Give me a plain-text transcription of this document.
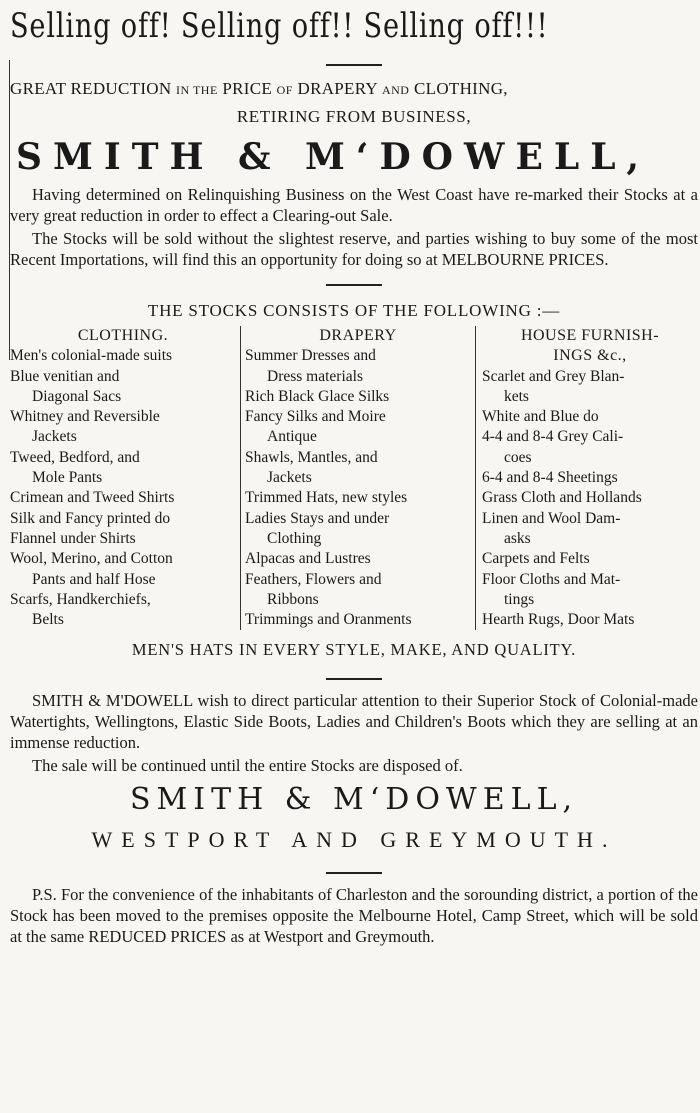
Selling off! Selling off!! Selling off!!!
GREAT REDUCTION IN THE PRICE OF DRAPERY AND CLOTHING,
RETIRING FROM BUSINESS,
SMITH & M‘DOWELL,

Having determined on Relinquishing Business on the West Coast have re-marked their Stocks at a very great reduction in order to effect a Clearing-out Sale.

The Stocks will be sold without the slightest reserve, and parties wishing to buy some of the most Recent Importations, will find this an opportunity for doing so at MELBOURNE PRICES.

THE STOCKS CONSISTS OF THE FOLLOWING :—
CLOTHING.
Men's colonial-made suits
Blue venitian and
Diagonal Sacs
Whitney and Reversible
Jackets
Tweed, Bedford, and
Mole Pants
Crimean and Tweed Shirts
Silk and Fancy printed do
Flannel under Shirts
Wool, Merino, and Cotton
Pants and half Hose
Scarfs, Handkerchiefs,
Belts
DRAPERY
Summer Dresses and
Dress materials
Rich Black Glace Silks
Fancy Silks and Moire
Antique
Shawls, Mantles, and
Jackets
Trimmed Hats, new styles
Ladies Stays and under
Clothing
Alpacas and Lustres
Feathers, Flowers and
Ribbons
Trimmings and Oranments
HOUSE FURNISH-
INGS &c.,
Scarlet and Grey Blan-
kets
White and Blue do
4-4 and 8-4 Grey Cali-
coes
6-4 and 8-4 Sheetings
Grass Cloth and Hollands
Linen and Wool Dam-
asks
Carpets and Felts
Floor Cloths and Mat-
tings
Hearth Rugs, Door Mats
MEN'S HATS IN EVERY STYLE, MAKE, AND QUALITY.

SMITH & M'DOWELL wish to direct particular attention to their Superior Stock of Colonial-made Watertights, Wellingtons, Elastic Side Boots, Ladies and Children's Boots which they are selling at an immense reduction.

The sale will be continued until the entire Stocks are disposed of.

SMITH & M‘DOWELL,
WESTPORT AND GREYMOUTH.

P.S. For the convenience of the inhabitants of Charleston and the sorounding district, a portion of the Stock has been moved to the premises opposite the Melbourne Hotel, Camp Street, which will be sold at the same REDUCED PRICES as at Westport and Greymouth.
